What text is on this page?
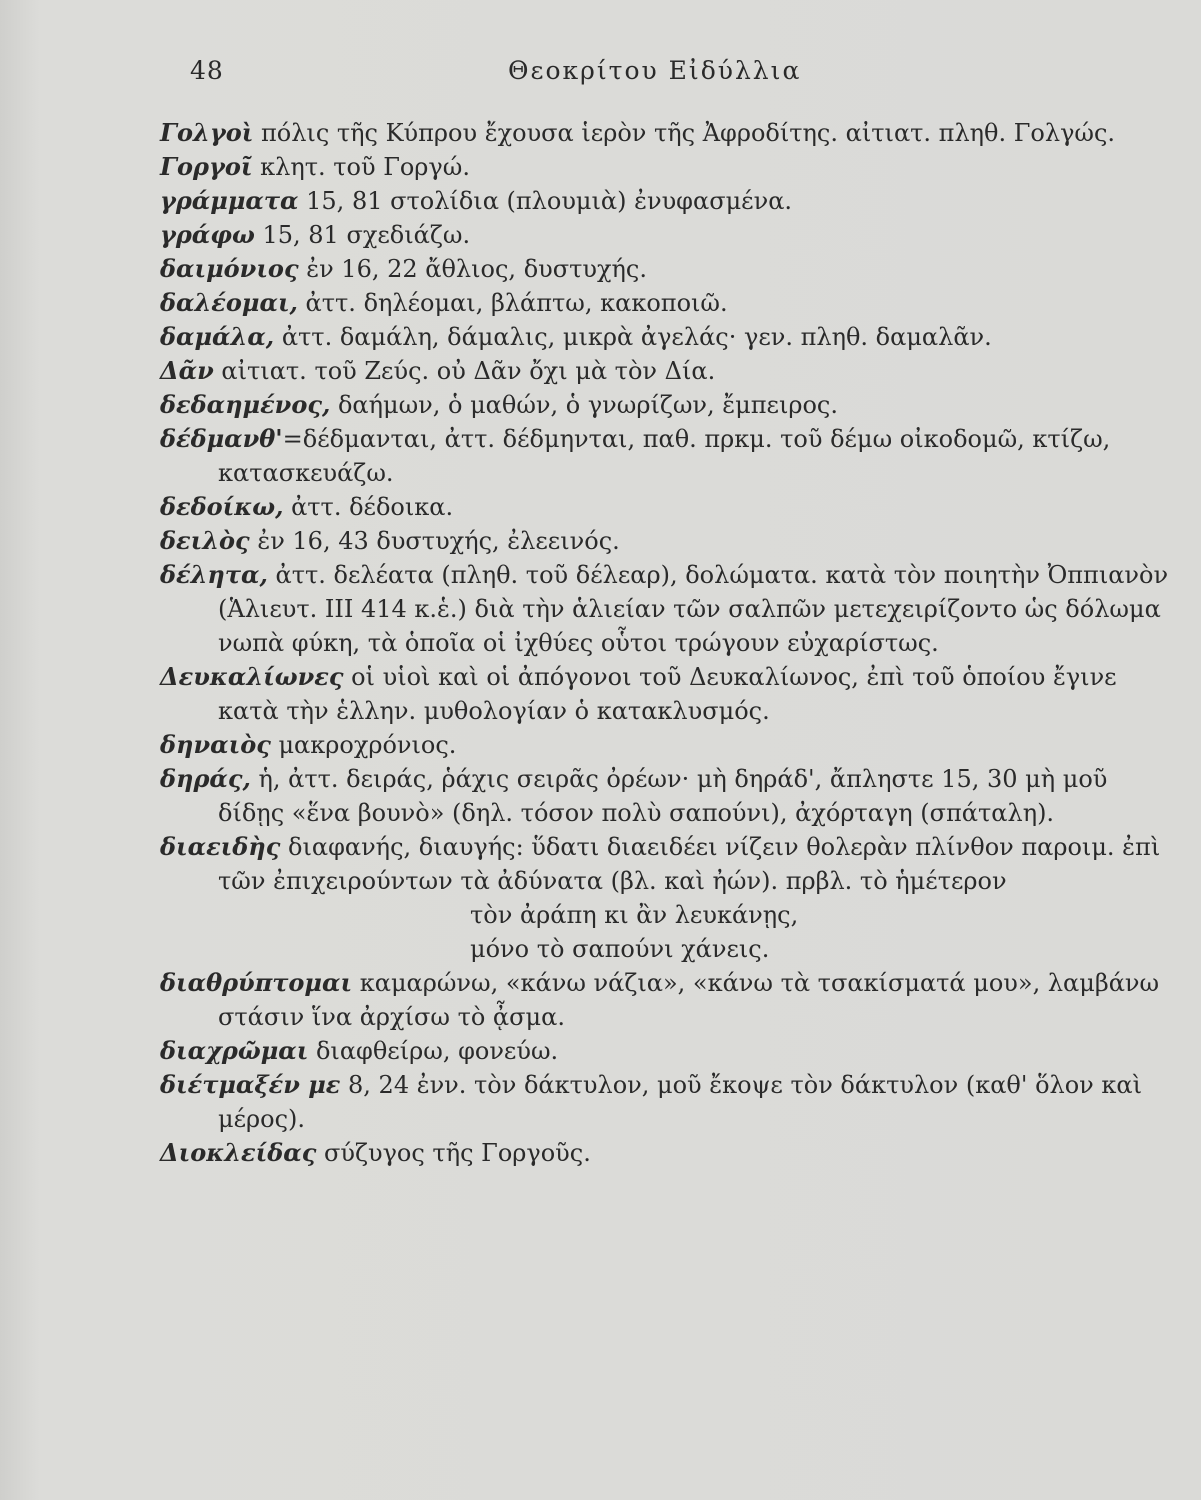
48	Θεοκρίτου Εἰδύλλια

Γολγοὶ πόλις τῆς Κύπρου ἔχουσα ἱερὸν τῆς Ἀφροδίτης. αἰτιατ. πληθ. Γολγώς.

Γοργοῖ κλητ. τοῦ Γοργώ.

γράμματα 15, 81 στολίδια (πλουμιὰ) ἐνυφασμένα.

γράφω 15, 81 σχεδιάζω.

δαιμόνιος ἐν 16, 22 ἄθλιος, δυστυχής.

δαλέομαι, ἀττ. δηλέομαι, βλάπτω, κακοποιῶ.

δαμάλα, ἀττ. δαμάλη, δάμαλις, μικρὰ ἀγελάς· γεν. πληθ. δαμαλᾶν.

Δᾶν αἰτιατ. τοῦ Ζεύς. οὐ Δᾶν ὄχι μὰ τὸν Δία.

δεδαημένος, δαήμων, ὁ μαθών, ὁ γνωρίζων, ἔμπειρος.

δέδμανθ'=δέδμανται, ἀττ. δέδμηνται, παθ. πρκμ. τοῦ δέμω οἰκοδομῶ, κτίζω, κατασκευάζω.

δεδοίκω, ἀττ. δέδοικα.

δειλὸς ἐν 16, 43 δυστυχής, ἐλεεινός.

δέλητα, ἀττ. δελέατα (πληθ. τοῦ δέλεαρ), δολώματα. κατὰ τὸν ποιητὴν Ὀππιανὸν (Ἁλιευτ. III 414 κ.ἑ.) διὰ τὴν ἁλιείαν τῶν σαλπῶν μετεχειρίζοντο ὡς δόλωμα νωπὰ φύκη, τὰ ὁποῖα οἱ ἰχθύες οὗτοι τρώγουν εὐχαρίστως.

Δευκαλίωνες οἱ υἱοὶ καὶ οἱ ἀπόγονοι τοῦ Δευκαλίωνος, ἐπὶ τοῦ ὁποίου ἔγινε κατὰ τὴν ἑλλην. μυθολογίαν ὁ κατακλυσμός.

δηναιὸς μακροχρόνιος.

δηράς, ἡ, ἀττ. δειράς, ῥάχις σειρᾶς ὀρέων· μὴ δηράδ', ἄπληστε 15, 30 μὴ μοῦ δίδῃς «ἕνα βουνὸ» (δηλ. τόσον πολὺ σαπούνι), ἀχόρταγη (σπάταλη).

διαειδὴς διαφανής, διαυγής: ὕδατι διαειδέει νίζειν θολερὰν πλίνθον παροιμ. ἐπὶ τῶν ἐπιχειρούντων τὰ ἀδύνατα (βλ. καὶ ἠών). πρβλ. τὸ ἡμέτερον

τὸν ἀράπη κι ἂν λευκάνῃς,

μόνο τὸ σαπούνι χάνεις.

διαθρύπτομαι καμαρώνω, «κάνω νάζια», «κάνω τὰ τσακίσματά μου», λαμβάνω στάσιν ἵνα ἀρχίσω τὸ ᾆσμα.

διαχρῶμαι διαφθείρω, φονεύω.

διέτμαξέν με 8, 24 ἐνν. τὸν δάκτυλον, μοῦ ἔκοψε τὸν δάκτυλον (καθ' ὅλον καὶ μέρος).

Διοκλείδας σύζυγος τῆς Γοργοῦς.
